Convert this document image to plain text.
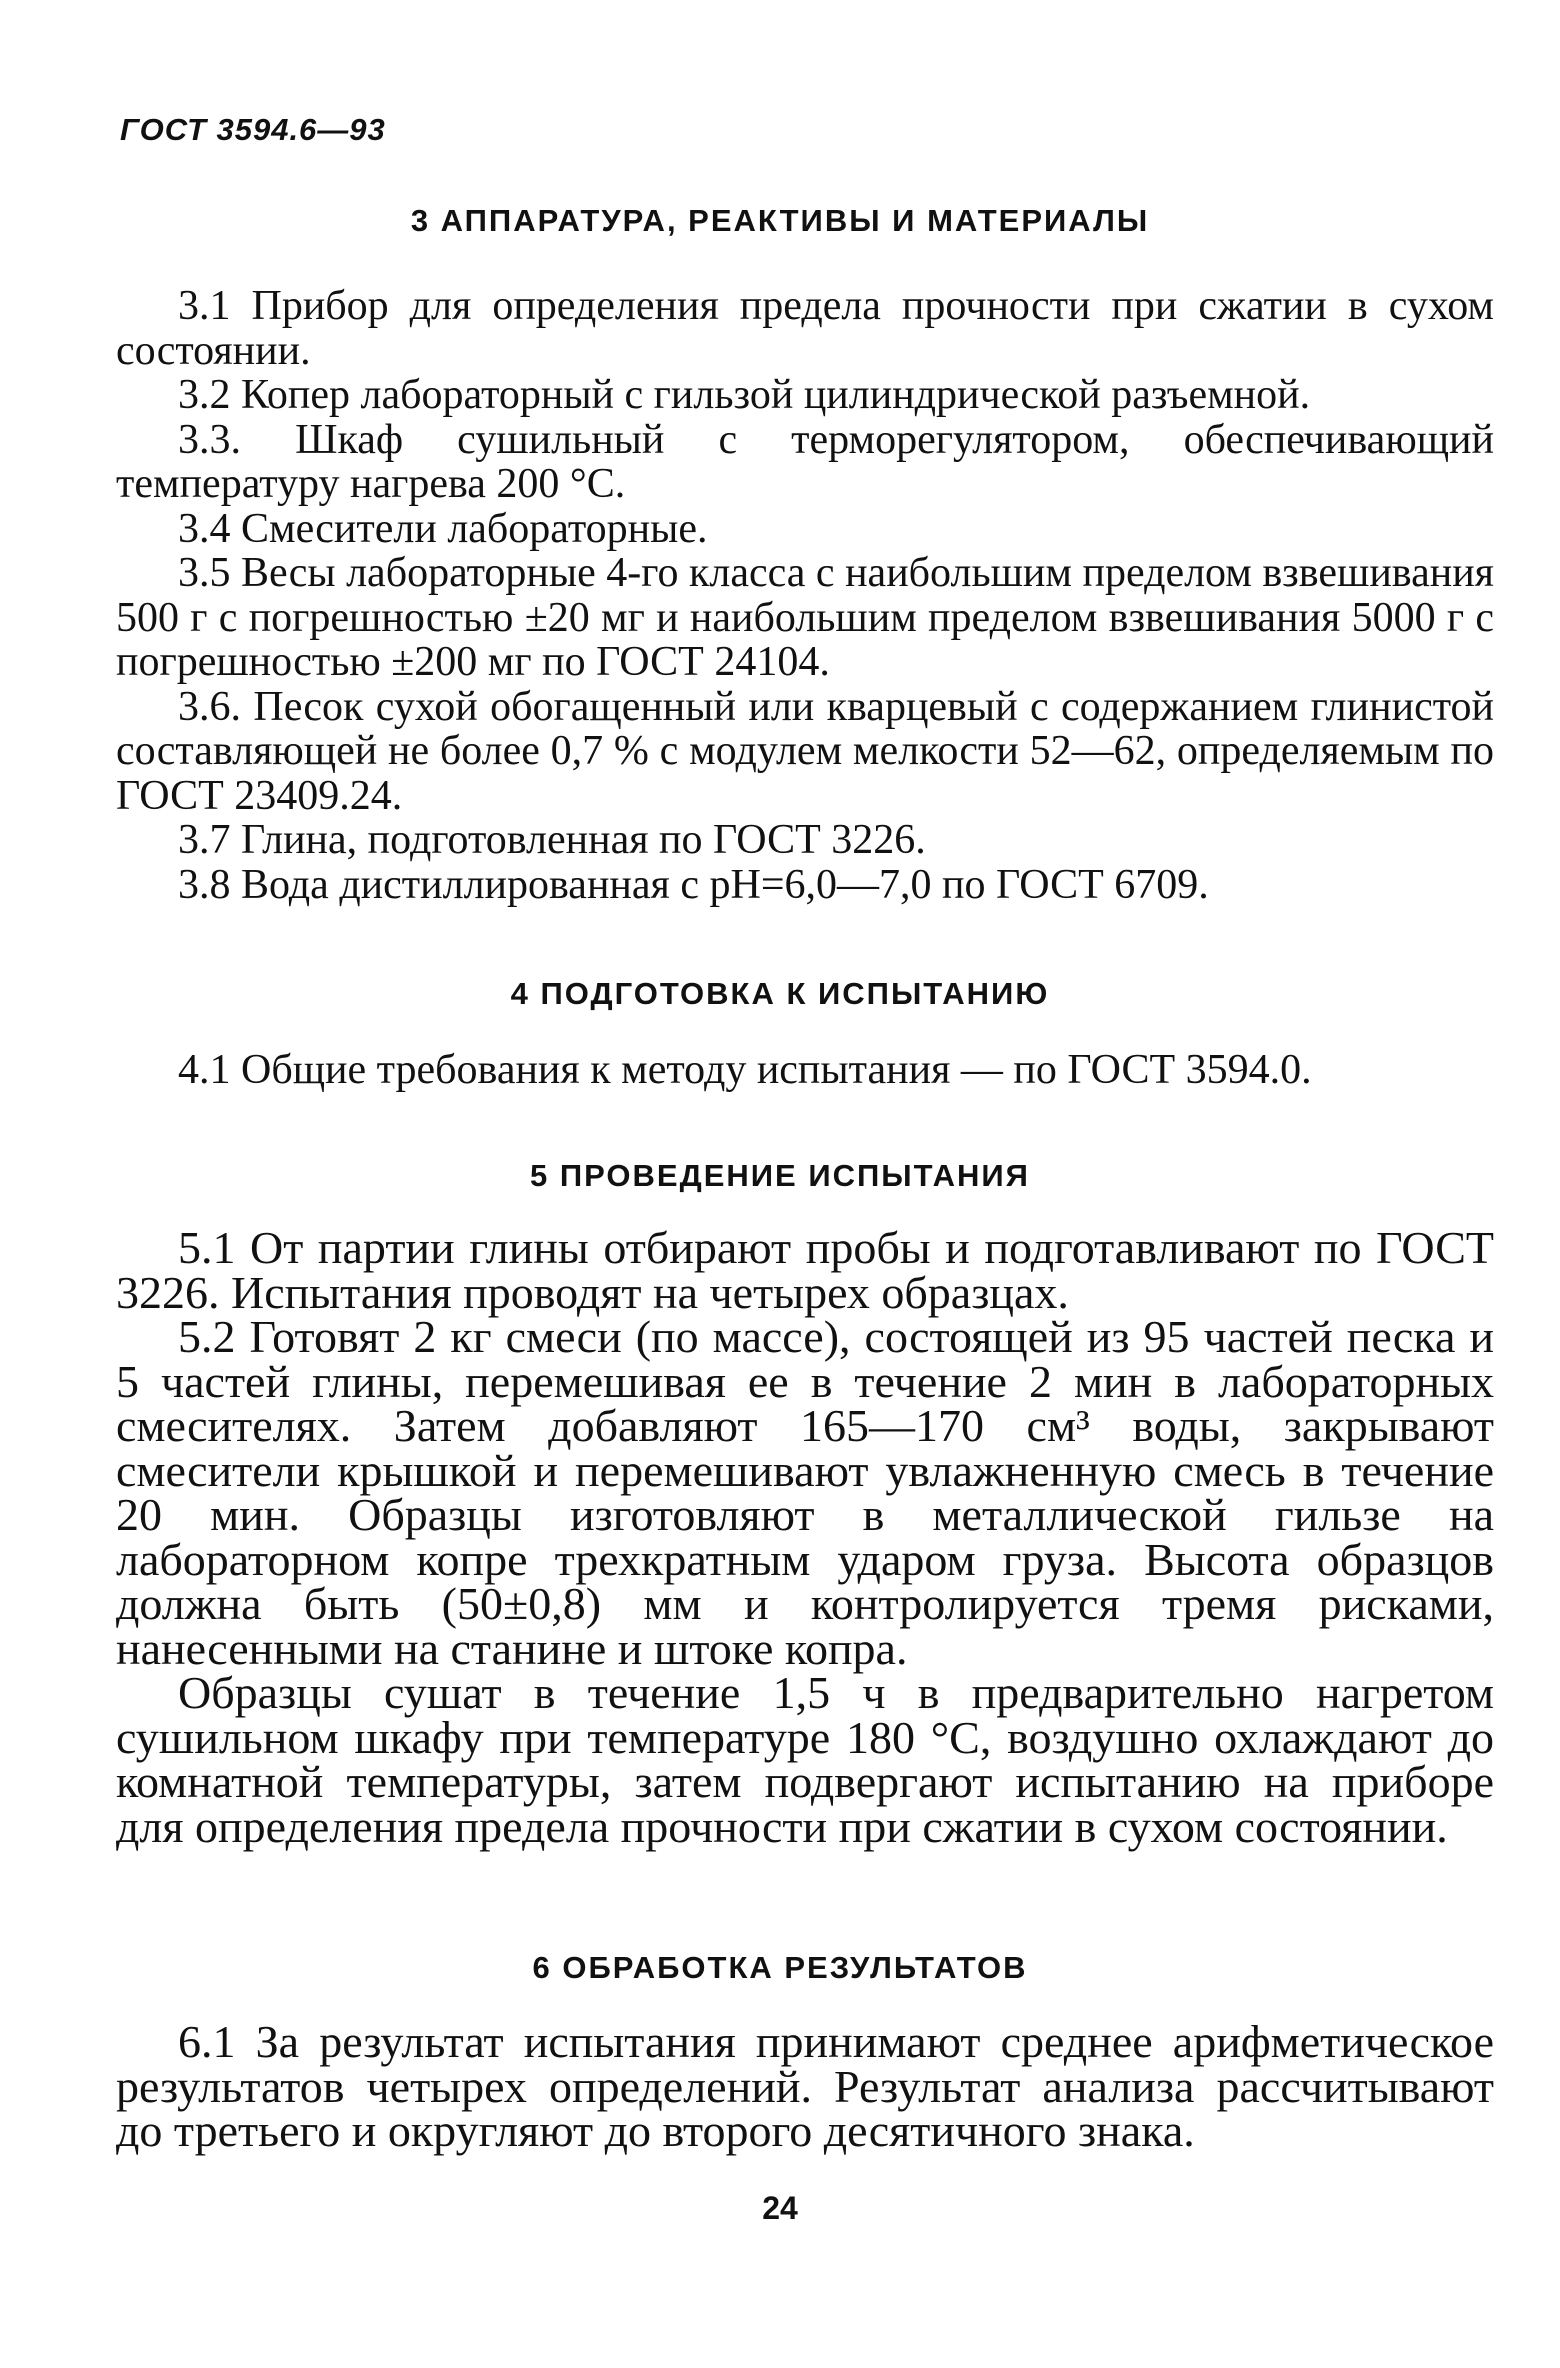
ГОСТ 3594.6—93
3 АППАРАТУРА, РЕАКТИВЫ И МАТЕРИАЛЫ

3.1 Прибор для определения предела прочности при сжатии в сухом состоянии.

3.2 Копер лабораторный с гильзой цилиндрической разъемной.

3.3. Шкаф сушильный с терморегулятором, обеспечивающий температуру нагрева 200 °С.

3.4 Смесители лабораторные.

3.5 Весы лабораторные 4-го класса с наибольшим пределом взвешивания 500 г с погрешностью ±20 мг и наибольшим пределом взвешивания 5000 г с погрешностью ±200 мг по ГОСТ 24104.

3.6. Песок сухой обогащенный или кварцевый с содержанием глинистой составляющей не более 0,7 % с модулем мелкости 52—62, определяемым по ГОСТ 23409.24.

3.7 Глина, подготовленная по ГОСТ 3226.

3.8 Вода дистиллированная с pH=6,0—7,0 по ГОСТ 6709.

4 ПОДГОТОВКА К ИСПЫТАНИЮ

4.1 Общие требования к методу испытания — по ГОСТ 3594.0.

5 ПРОВЕДЕНИЕ ИСПЫТАНИЯ

5.1 От партии глины отбирают пробы и подготавливают по ГОСТ 3226. Испытания проводят на четырех образцах.

5.2 Готовят 2 кг смеси (по массе), состоящей из 95 частей песка и 5 частей глины, перемешивая ее в течение 2 мин в лабораторных смесителях. Затем добавляют 165—170 см³ воды, закрывают смесители крышкой и перемешивают увлажненную смесь в течение 20 мин. Образцы изготовляют в металлической гильзе на лабораторном копре трехкратным ударом груза. Высота образцов должна быть (50±0,8) мм и контролируется тремя рисками, нанесенными на станине и штоке копра.

Образцы сушат в течение 1,5 ч в предварительно нагретом сушильном шкафу при температуре 180 °С, воздушно охлаждают до комнатной температуры, затем подвергают испытанию на приборе для определения предела прочности при сжатии в сухом состоянии.

6 ОБРАБОТКА РЕЗУЛЬТАТОВ

6.1 За результат испытания принимают среднее арифметическое результатов четырех определений. Результат анализа рассчитывают до третьего и округляют до второго десятичного знака.

24
